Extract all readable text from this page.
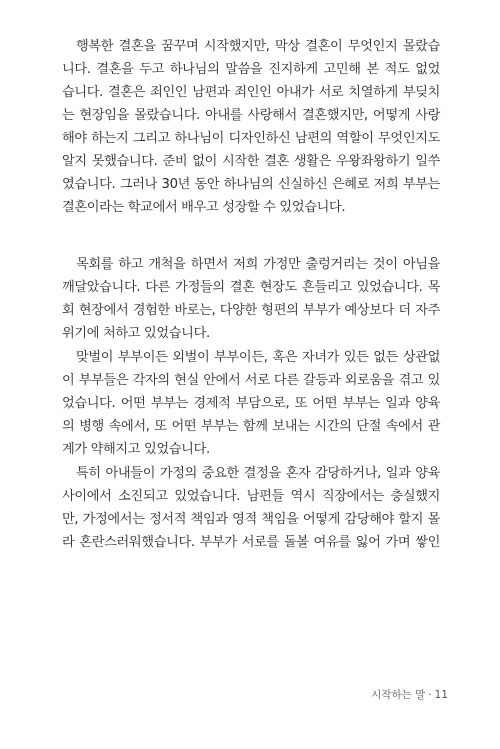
행복한 결혼을 꿈꾸며 시작했지만, 막상 결혼이 무엇인지 몰랐습
니다. 결혼을 두고 하나님의 말씀을 진지하게 고민해 본 적도 없었
습니다. 결혼은 죄인인 남편과 죄인인 아내가 서로 치열하게 부딪치
는 현장임을 몰랐습니다. 아내를 사랑해서 결혼했지만, 어떻게 사랑
해야 하는지 그리고 하나님이 디자인하신 남편의 역할이 무엇인지도
알지 못했습니다. 준비 없이 시작한 결혼 생활은 우왕좌왕하기 일쑤
였습니다. 그러나 30년 동안 하나님의 신실하신 은혜로 저희 부부는
결혼이라는 학교에서 배우고 성장할 수 있었습니다.
목회를 하고 개척을 하면서 저희 가정만 출렁거리는 것이 아님을
깨달았습니다. 다른 가정들의 결혼 현장도 흔들리고 있었습니다. 목
회 현장에서 경험한 바로는, 다양한 형편의 부부가 예상보다 더 자주
위기에 처하고 있었습니다.
맞벌이 부부이든 외벌이 부부이든, 혹은 자녀가 있든 없든 상관없
이 부부들은 각자의 현실 안에서 서로 다른 갈등과 외로움을 겪고 있
었습니다. 어떤 부부는 경제적 부담으로, 또 어떤 부부는 일과 양육
의 병행 속에서, 또 어떤 부부는 함께 보내는 시간의 단절 속에서 관
계가 약해지고 있었습니다.
특히 아내들이 가정의 중요한 결정을 혼자 감당하거나, 일과 양육
사이에서 소진되고 있었습니다. 남편들 역시 직장에서는 충실했지
만, 가정에서는 정서적 책임과 영적 책임을 어떻게 감당해야 할지 몰
라 혼란스러워했습니다. 부부가 서로를 돌볼 여유를 잃어 가며 쌓인
시작하는 말 · 11
